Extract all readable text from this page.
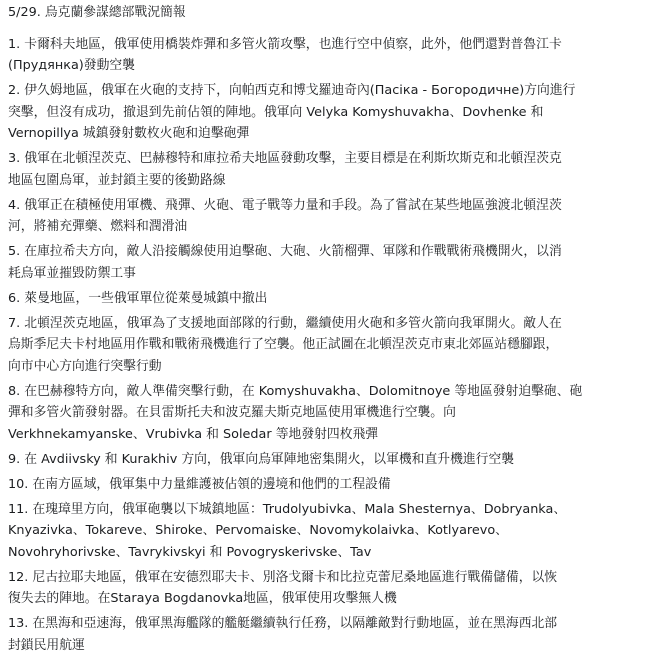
5/29. 烏克蘭參謀總部戰況簡報

1. 卡爾科夫地區，俄軍使用橋裝炸彈和多管火箭攻擊，也進行空中偵察，此外，他們還對普魯江卡

(Прудянка)發動空襲

2. 伊久姆地區，俄軍在火砲的支持下，向帕西克和博戈羅迪奇內(Пасіка - Богородичне)方向進行

突擊，但沒有成功，撤退到先前佔領的陣地。俄軍向 Velyka Komyshuvakha、Dovhenke 和

Vernopillya 城鎮發射數枚火砲和迫擊砲彈

3. 俄軍在北頓涅茨克、巴赫穆特和庫拉希夫地區發動攻擊，主要目標是在利斯坎斯克和北頓涅茨克

地區包圍烏軍，並封鎖主要的後勤路線

4. 俄軍正在積極使用軍機、飛彈、火砲、電子戰等力量和手段。為了嘗試在某些地區強渡北頓涅茨

河，將補充彈藥、燃料和潤滑油

5. 在庫拉希夫方向，敵人沿接觸線使用迫擊砲、大砲、火箭榴彈、軍隊和作戰戰術飛機開火，以消

耗烏軍並摧毀防禦工事

6. 萊曼地區，一些俄軍單位從萊曼城鎮中撤出

7. 北頓涅茨克地區，俄軍為了支援地面部隊的行動，繼續使用火砲和多管火箭向我軍開火。敵人在

烏斯季尼夫卡村地區用作戰和戰術飛機進行了空襲。他正試圖在北頓涅茨克市東北郊區站穩腳跟，

向市中心方向進行突擊行動

8. 在巴赫穆特方向，敵人準備突擊行動，在 Komyshuvakha、Dolomitnoye 等地區發射迫擊砲、砲

彈和多管火箭發射器。在貝雷斯托夫和波克羅夫斯克地區使用軍機進行空襲。向

Verkhnekamyanske、Vrubivka 和 Soledar 等地發射四枚飛彈

9. 在 Avdiivsky 和 Kurakhiv 方向，俄軍向烏軍陣地密集開火，以軍機和直升機進行空襲

10. 在南方區域，俄軍集中力量維護被佔領的邊境和他們的工程設備

11. 在瑰璋里方向，俄軍砲襲以下城鎮地區：Trudolyubivka、Mala Shesternya、Dobryanka、

Knyazivka、Tokareve、Shiroke、Pervomaiske、Novomykolaivka、Kotlyarevo、

Novohryhorivske、Tavrykivskyi 和 Povogryskerivske、Tav

12. 尼古拉耶夫地區，俄軍在安德烈耶夫卡、別洛戈爾卡和比拉克蕾尼桑地區進行戰備儲備，以恢

復失去的陣地。在Staraya Bogdanovka地區，俄軍使用攻擊無人機

13. 在黑海和亞速海，俄軍黑海艦隊的艦艇繼續執行任務，以隔離敵對行動地區，並在黑海西北部

封鎖民用航運
